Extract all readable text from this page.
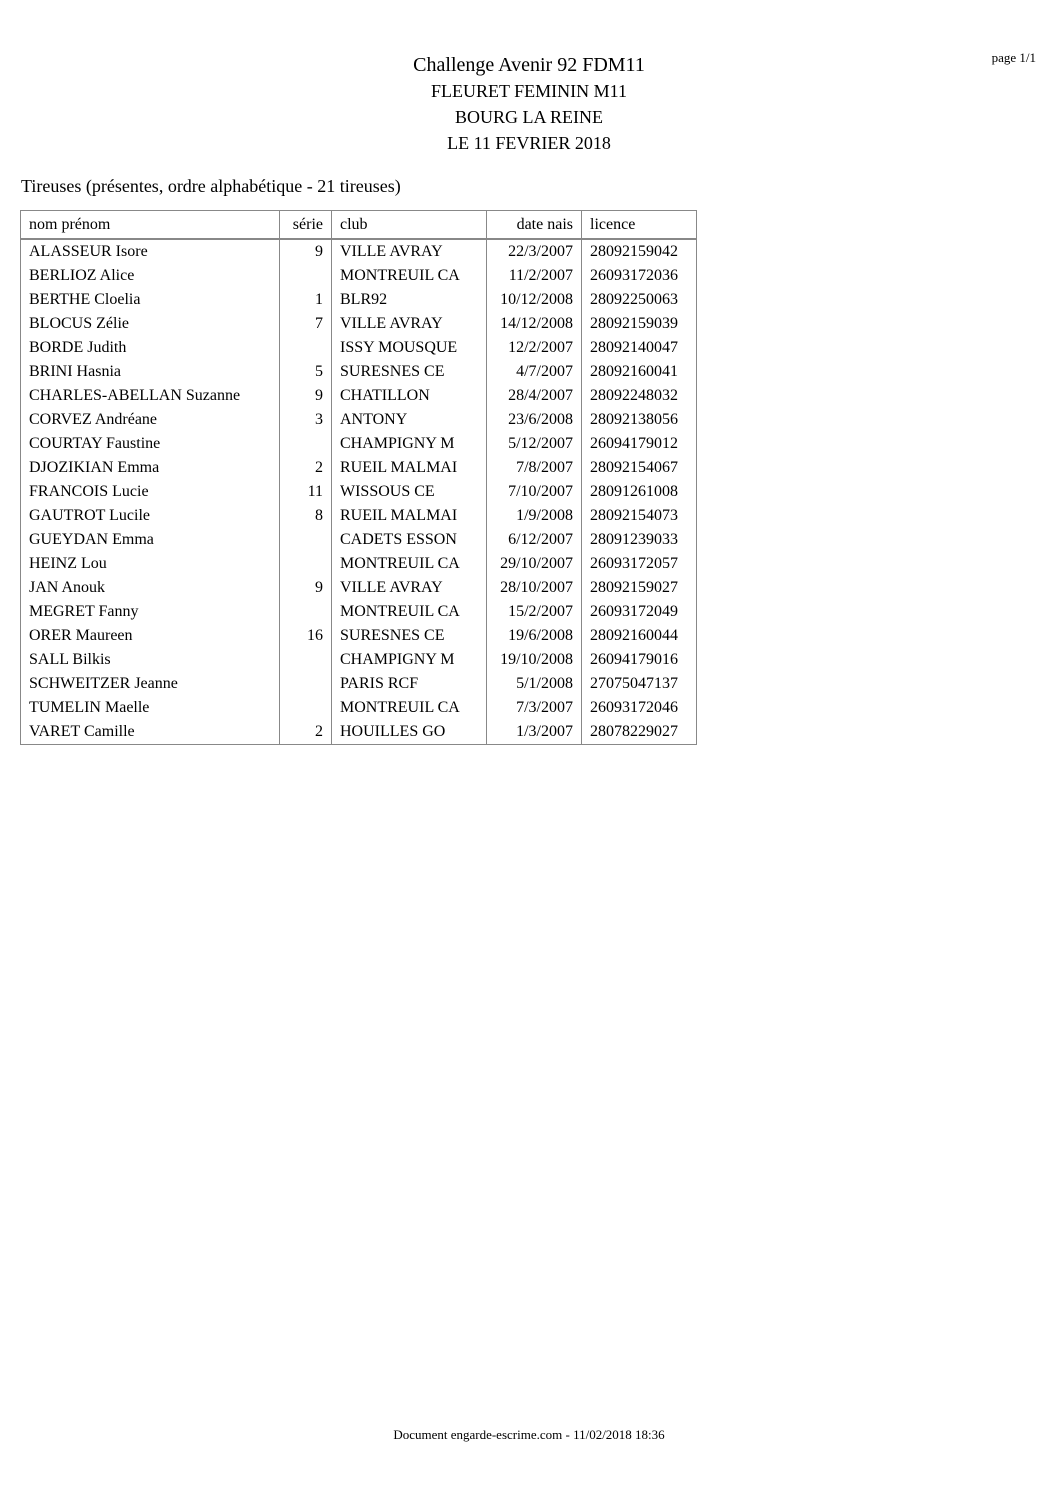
page 1/1
Challenge Avenir 92 FDM11
FLEURET FEMININ M11
BOURG LA REINE
LE 11 FEVRIER 2018
Tireuses (présentes, ordre alphabétique - 21 tireuses)
nom prénom	série	club	date nais	licence
ALASSEUR Isore	9	VILLE AVRAY	22/3/2007	28092159042
BERLIOZ Alice		MONTREUIL CA	11/2/2007	26093172036
BERTHE Cloelia	1	BLR92	10/12/2008	28092250063
BLOCUS Zélie	7	VILLE AVRAY	14/12/2008	28092159039
BORDE Judith		ISSY MOUSQUE	12/2/2007	28092140047
BRINI Hasnia	5	SURESNES CE	4/7/2007	28092160041
CHARLES-ABELLAN Suzanne	9	CHATILLON	28/4/2007	28092248032
CORVEZ Andréane	3	ANTONY	23/6/2008	28092138056
COURTAY Faustine		CHAMPIGNY M	5/12/2007	26094179012
DJOZIKIAN Emma	2	RUEIL MALMAI	7/8/2007	28092154067
FRANCOIS Lucie	11	WISSOUS CE	7/10/2007	28091261008
GAUTROT Lucile	8	RUEIL MALMAI	1/9/2008	28092154073
GUEYDAN Emma		CADETS ESSON	6/12/2007	28091239033
HEINZ Lou		MONTREUIL CA	29/10/2007	26093172057
JAN Anouk	9	VILLE AVRAY	28/10/2007	28092159027
MEGRET Fanny		MONTREUIL CA	15/2/2007	26093172049
ORER Maureen	16	SURESNES CE	19/6/2008	28092160044
SALL Bilkis		CHAMPIGNY M	19/10/2008	26094179016
SCHWEITZER Jeanne		PARIS RCF	5/1/2008	27075047137
TUMELIN Maelle		MONTREUIL CA	7/3/2007	26093172046
VARET Camille	2	HOUILLES GO	1/3/2007	28078229027
Document engarde-escrime.com - 11/02/2018 18:36
